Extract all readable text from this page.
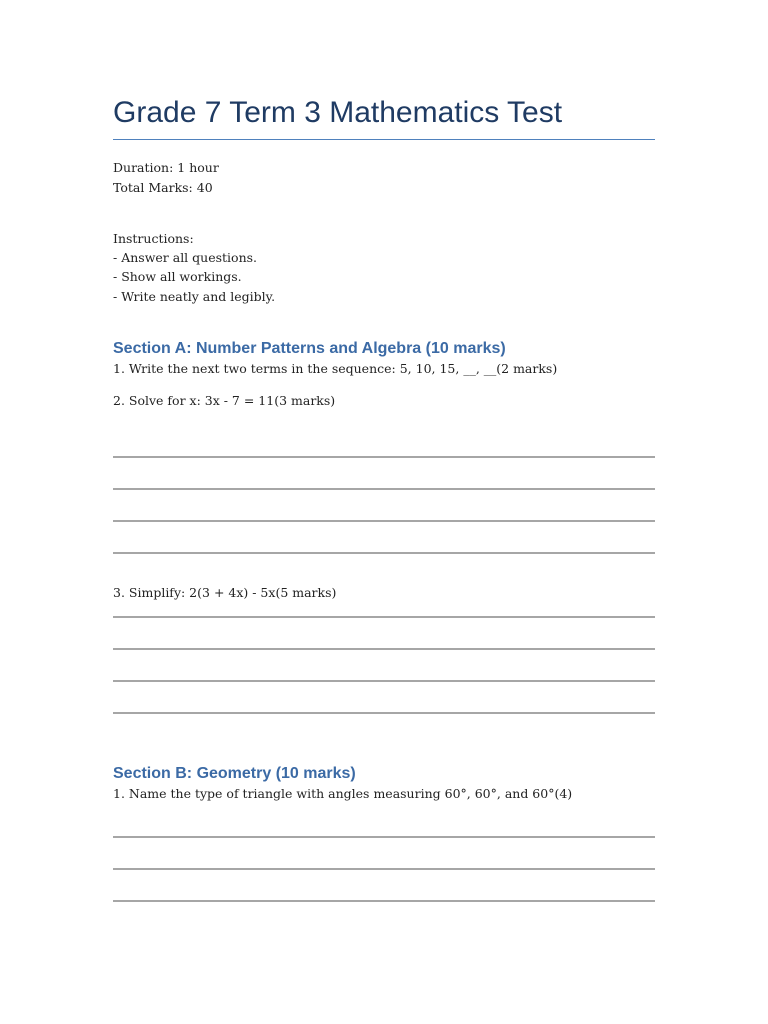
Grade 7 Term 3 Mathematics Test
Duration: 1 hour
Total Marks: 40
Instructions:
- Answer all questions.
- Show all workings.
- Write neatly and legibly.
Section A: Number Patterns and Algebra (10 marks)
1. Write the next two terms in the sequence: 5, 10, 15, __, __(2 marks)
2. Solve for x: 3x - 7 = 11(3 marks)
3. Simplify: 2(3 + 4x) - 5x(5 marks)
Section B: Geometry (10 marks)
1. Name the type of triangle with angles measuring 60°, 60°, and 60°(4)
